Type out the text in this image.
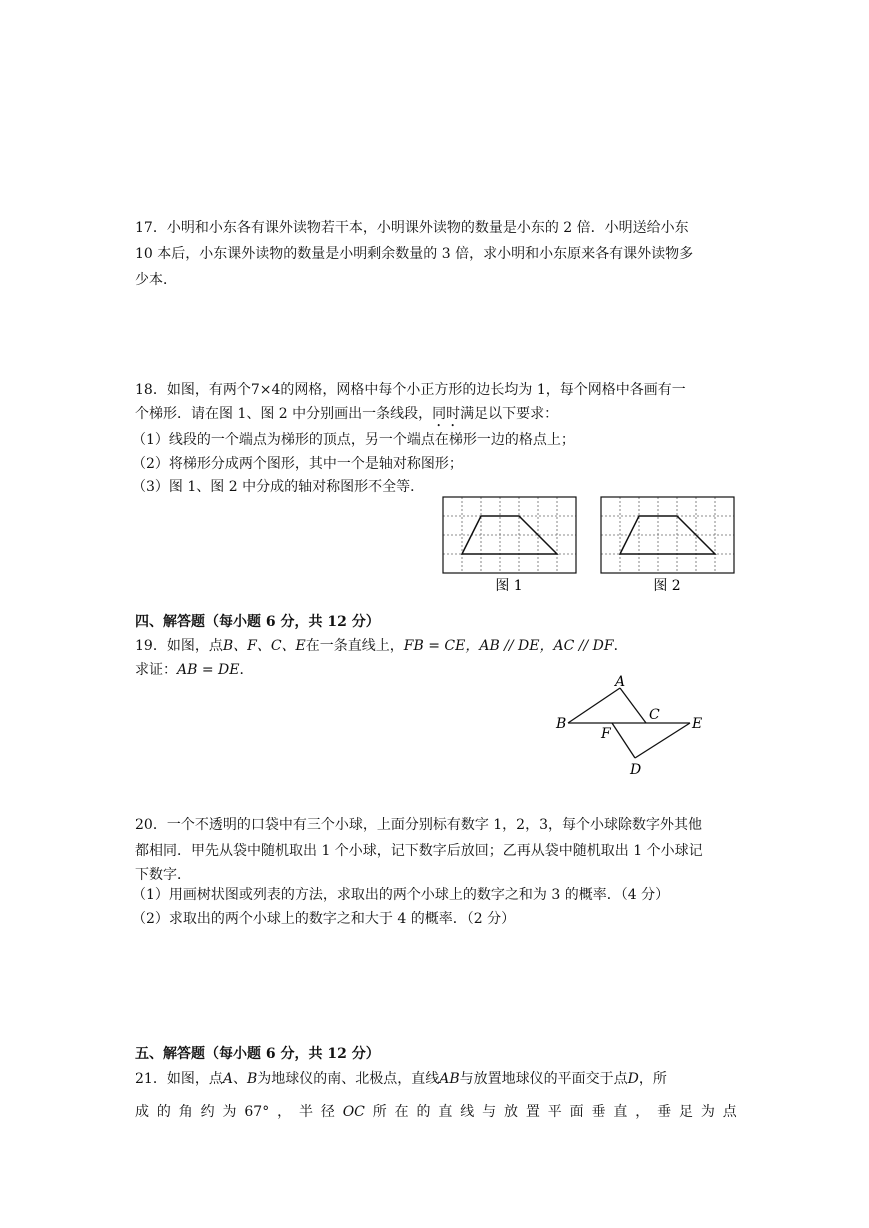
17．小明和小东各有课外读物若干本，小明课外读物的数量是小东的 2 倍．小明送给小东
10 本后，小东课外读物的数量是小明剩余数量的 3 倍，求小明和小东原来各有课外读物多
少本．
18．如图，有两个7×4的网格，网格中每个小正方形的边长均为 1，每个网格中各画有一
个梯形．请在图 1、图 2 中分别画出一条线段，同时满足以下要求：
（1）线段的一个端点为梯形的顶点，另一个端点在梯形一边的格点上；
（2）将梯形分成两个图形，其中一个是轴对称图形；
（3）图 1、图 2 中分成的轴对称图形不全等．
图 1	图 2
四、解答题（每小题 6 分，共 12 分）
19．如图，点B、F、C、E在一条直线上，FB = CE，AB // DE，AC // DF．
求证：AB = DE．
A
B
C
D
E
F
20．一个不透明的口袋中有三个小球，上面分别标有数字 1，2，3，每个小球除数字外其他
都相同．甲先从袋中随机取出 1 个小球，记下数字后放回；乙再从袋中随机取出 1 个小球记
下数字．
（1）用画树状图或列表的方法，求取出的两个小球上的数字之和为 3 的概率．（4 分）
（2）求取出的两个小球上的数字之和大于 4 的概率．（2 分）
五、解答题（每小题 6 分，共 12 分）
21．如图，点A、B为地球仪的南、北极点，直线AB与放置地球仪的平面交于点D，所
成 的 角 约 为 67° ， 半 径 OC 所 在 的 直 线 与 放 置 平 面 垂 直 ， 垂 足 为 点
